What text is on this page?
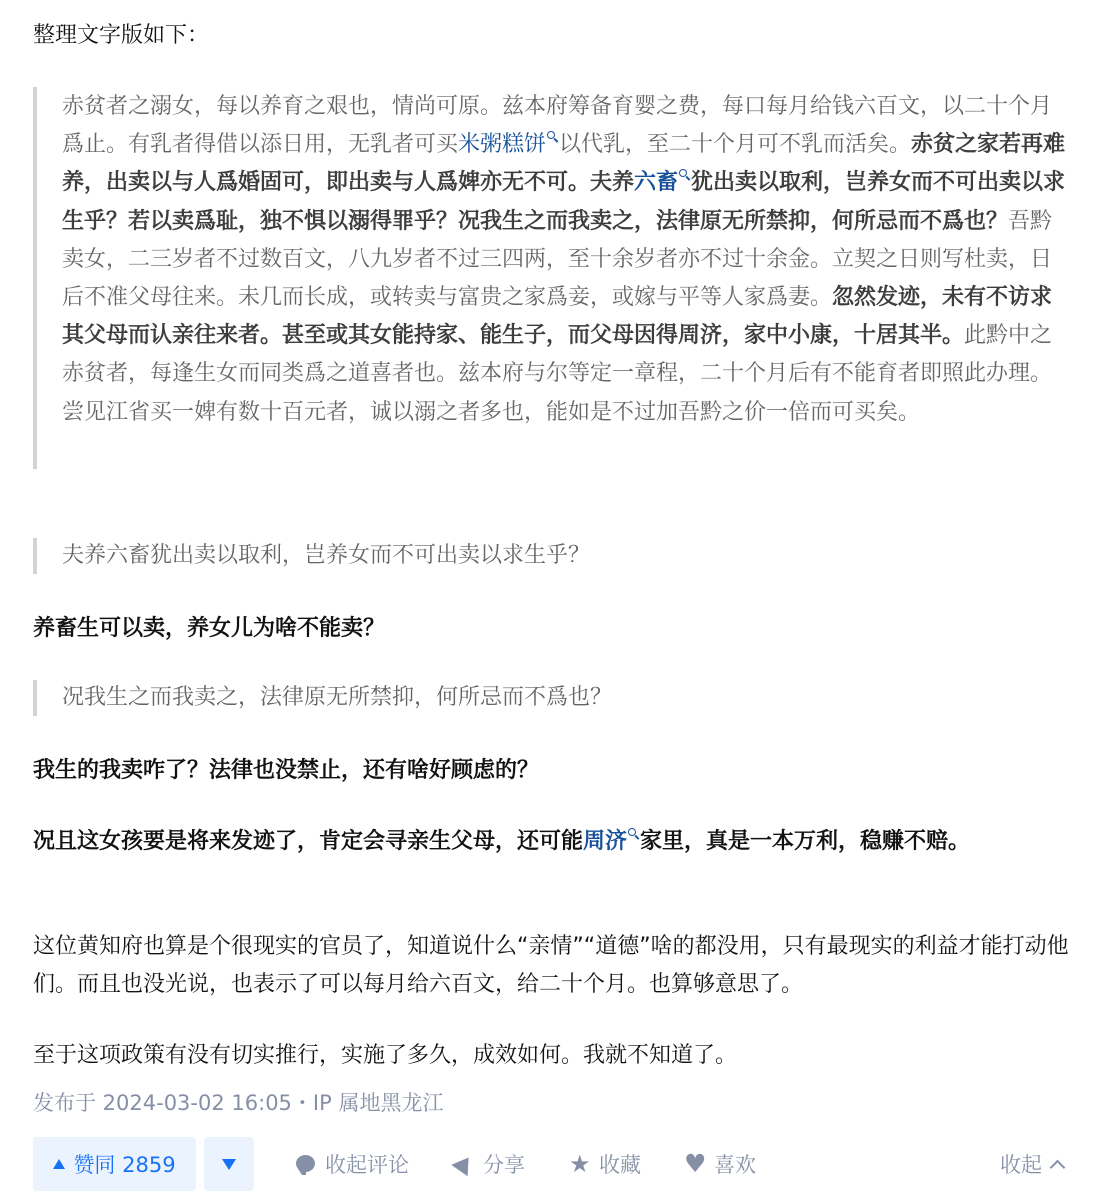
整理文字版如下：

赤贫者之溺女，每以养育之艰也，情尚可原。兹本府筹备育婴之费，每口每月给钱六百文，以二十个月爲止。有乳者得借以添日用，无乳者可买米粥糕饼 以代乳，至二十个月可不乳而活矣。赤贫之家若再难养，出卖以与人爲婚固可，即出卖与人爲婢亦无不可。夫养六畜 犹出卖以取利，岂养女而不可出卖以求生乎？若以卖爲耻，独不惧以溺得罪乎？况我生之而我卖之，法律原无所禁抑，何所忌而不爲也？吾黔卖女，二三岁者不过数百文，八九岁者不过三四两，至十余岁者亦不过十余金。立契之日则写杜卖，日后不准父母往来。未几而长成，或转卖与富贵之家爲妾，或嫁与平等人家爲妻。忽然发迹，未有不访求其父母而认亲往来者。甚至或其女能持家、能生子，而父母因得周济，家中小康，十居其半。此黔中之赤贫者，每逢生女而同类爲之道喜者也。兹本府与尔等定一章程，二十个月后有不能育者即照此办理。尝见江省买一婢有数十百元者，诚以溺之者多也，能如是不过加吾黔之价一倍而可买矣。
夫养六畜犹出卖以取利，岂养女而不可出卖以求生乎？

养畜生可以卖，养女儿为啥不能卖？

况我生之而我卖之，法律原无所禁抑，何所忌而不爲也？

我生的我卖咋了？法律也没禁止，还有啥好顾虑的？

况且这女孩要是将来发迹了，肯定会寻亲生父母，还可能周济 家里，真是一本万利，稳赚不赔。

这位黄知府也算是个很现实的官员了，知道说什么“亲情”“道德”啥的都没用，只有最现实的利益才能打动他们。而且也没光说，也表示了可以每月给六百文，给二十个月。也算够意思了。

至于这项政策有没有切实推行，实施了多久，成效如何。我就不知道了。

发布于 2024-03-02 16:05・IP 属地黑龙江
赞同 2859	收起评论	分享 ★	收藏 ♥	喜欢	收起
